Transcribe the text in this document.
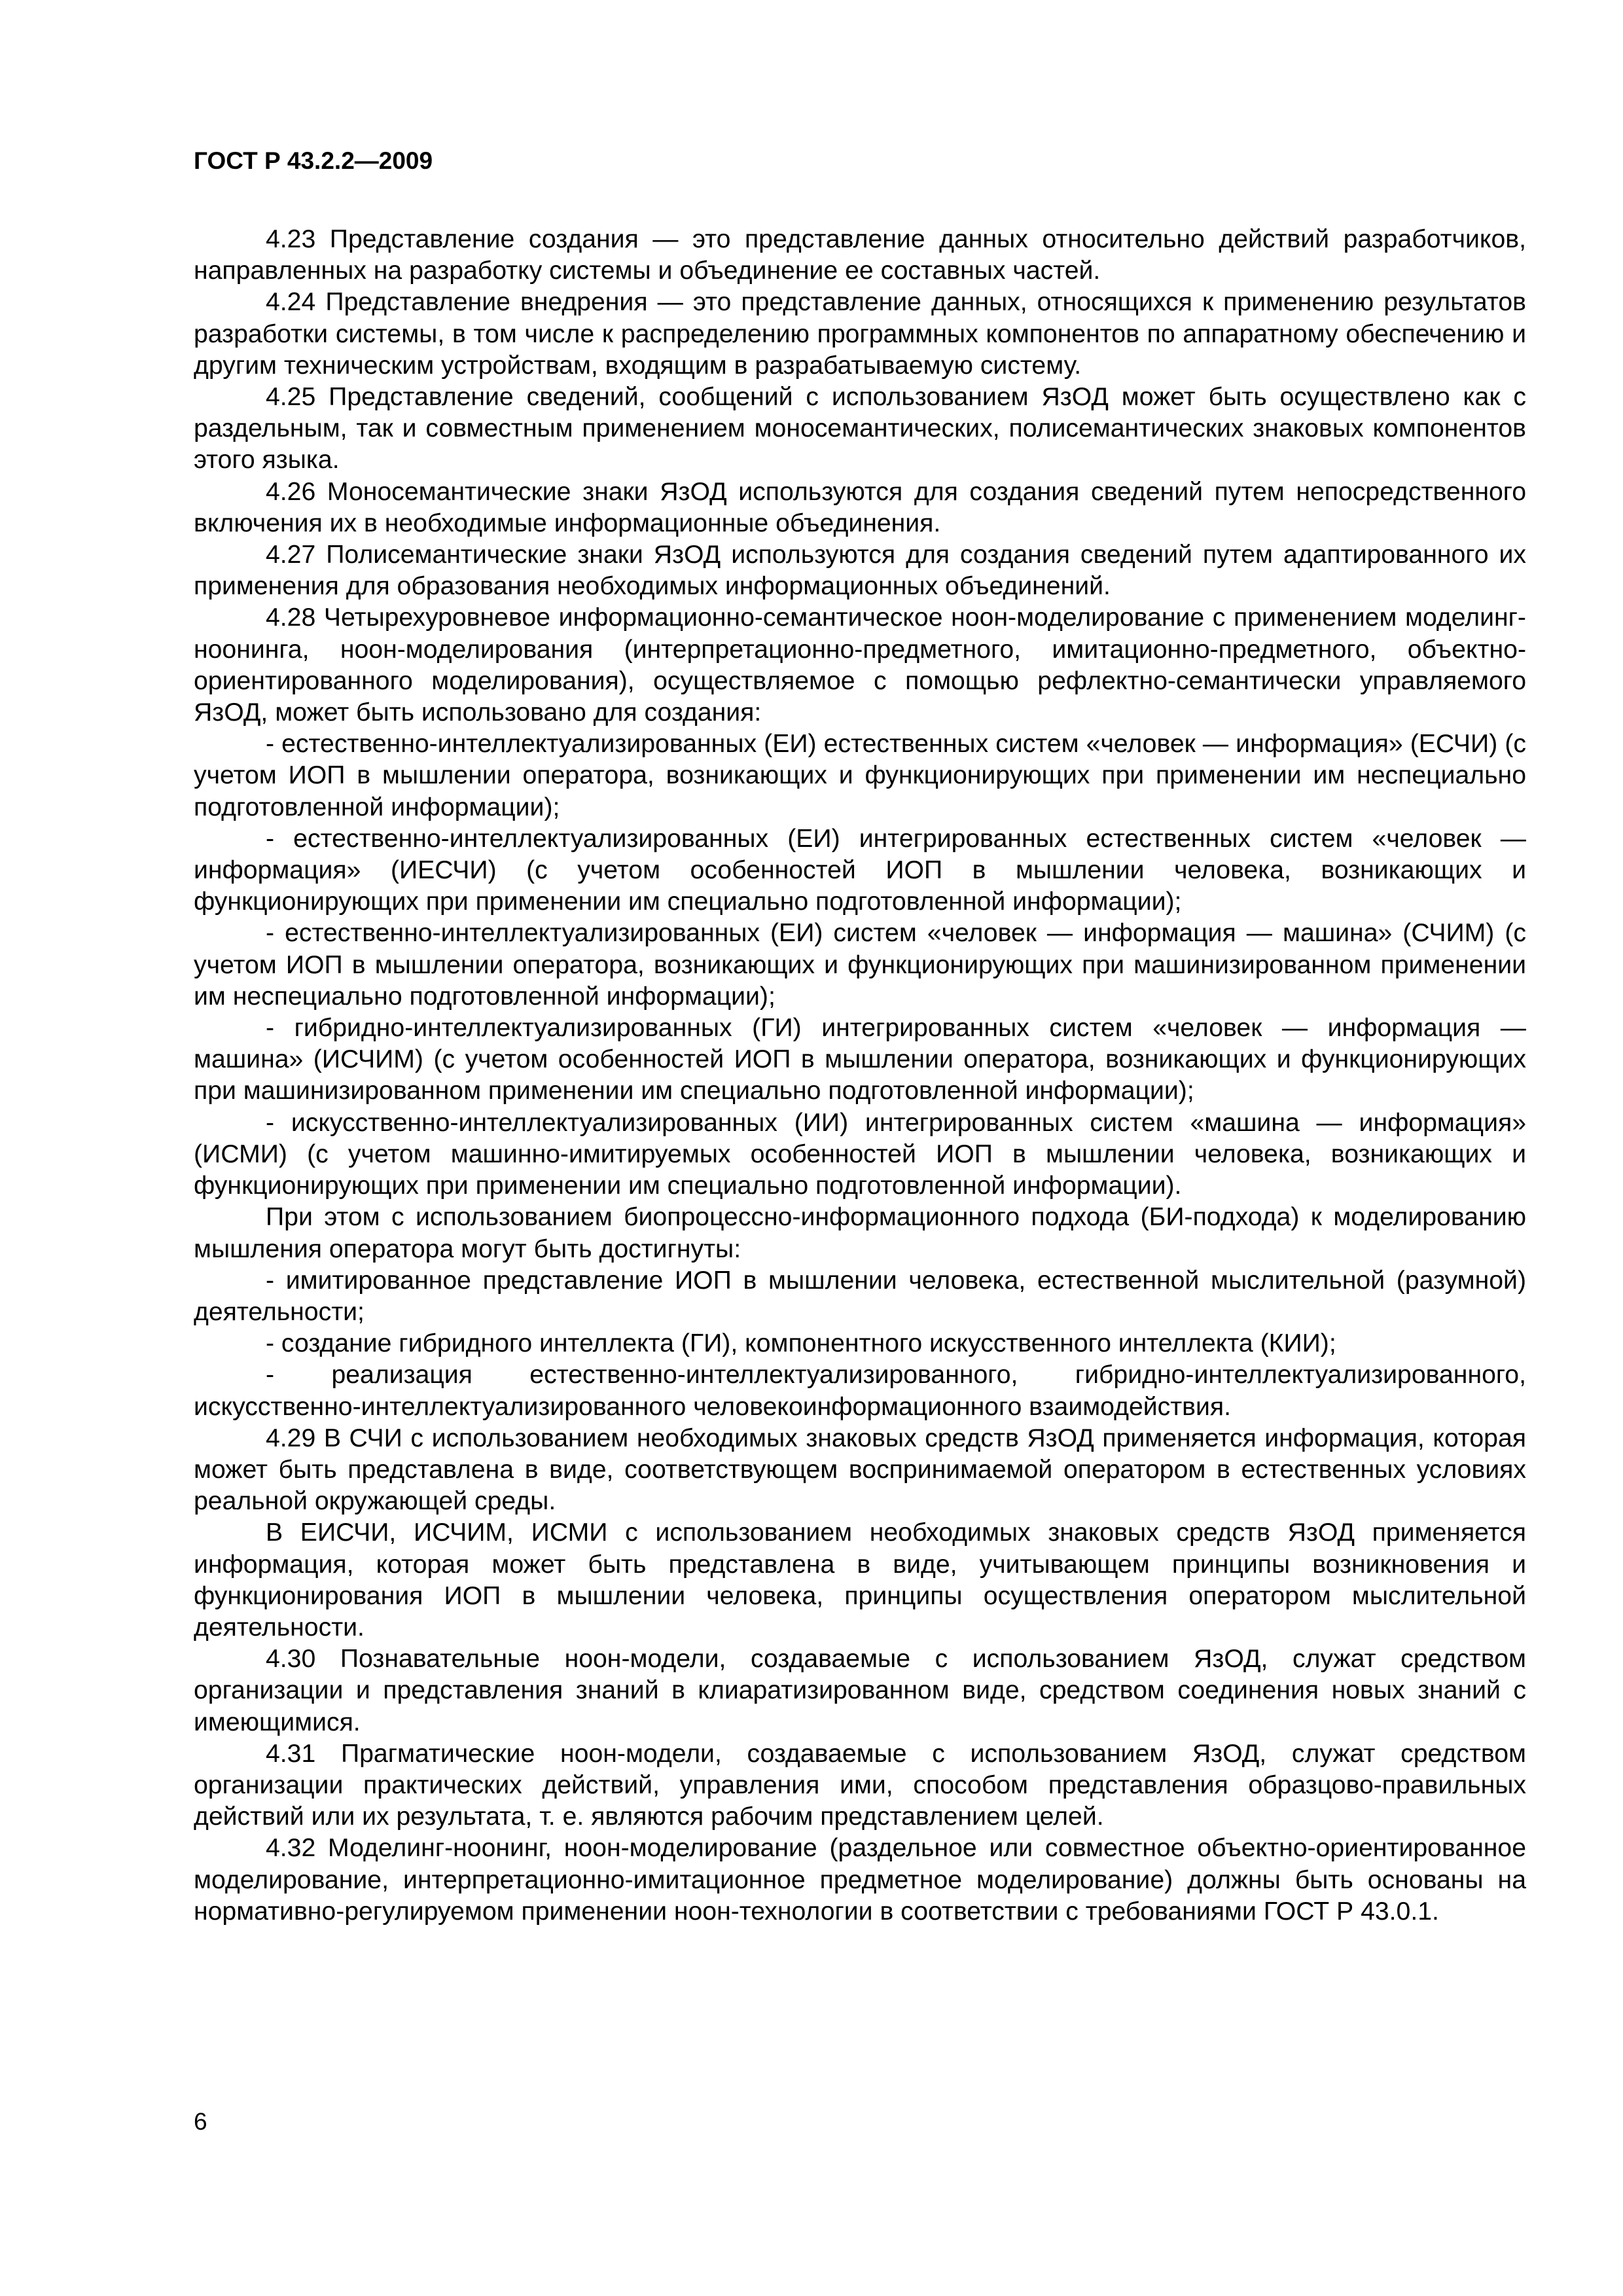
ГОСТ Р 43.2.2—2009

4.23 Представление создания — это представление данных относительно действий разработчиков, направленных на разработку системы и объединение ее составных частей.

4.24 Представление внедрения — это представление данных, относящихся к применению результатов разработки системы, в том числе к распределению программных компонентов по аппаратному обеспечению и другим техническим устройствам, входящим в разрабатываемую систему.

4.25 Представление сведений, сообщений с использованием ЯзОД может быть осуществлено как с раздельным, так и совместным применением моносемантических, полисемантических знаковых компонентов этого языка.

4.26 Моносемантические знаки ЯзОД используются для создания сведений путем непосредственного включения их в необходимые информационные объединения.

4.27 Полисемантические знаки ЯзОД используются для создания сведений путем адаптированного их применения для образования необходимых информационных объединений.

4.28 Четырехуровневое информационно-семантическое ноон-моделирование с применением моделинг-ноонинга, ноон-моделирования (интерпретационно-предметного, имитационно-предметного, объектно-ориентированного моделирования), осуществляемое с помощью рефлектно-семантически управляемого ЯзОД, может быть использовано для создания:

- естественно-интеллектуализированных (ЕИ) естественных систем «человек — информация» (ЕСЧИ) (с учетом ИОП в мышлении оператора, возникающих и функционирующих при применении им неспециально подготовленной информации);

- естественно-интеллектуализированных (ЕИ) интегрированных естественных систем «человек — информация» (ИЕСЧИ) (с учетом особенностей ИОП в мышлении человека, возникающих и функционирующих при применении им специально подготовленной информации);

- естественно-интеллектуализированных (ЕИ) систем «человек — информация — машина» (СЧИМ) (с учетом ИОП в мышлении оператора, возникающих и функционирующих при машинизированном применении им неспециально подготовленной информации);

- гибридно-интеллектуализированных (ГИ) интегрированных систем «человек — информация — машина» (ИСЧИМ) (с учетом особенностей ИОП в мышлении оператора, возникающих и функционирующих при машинизированном применении им специально подготовленной информации);

- искусственно-интеллектуализированных (ИИ) интегрированных систем «машина — информация» (ИСМИ) (с учетом машинно-имитируемых особенностей ИОП в мышлении человека, возникающих и функционирующих при применении им специально подготовленной информации).

При этом с использованием биопроцессно-информационного подхода (БИ-подхода) к моделированию мышления оператора могут быть достигнуты:

- имитированное представление ИОП в мышлении человека, естественной мыслительной (разумной) деятельности;

- создание гибридного интеллекта (ГИ), компонентного искусственного интеллекта (КИИ);

- реализация естественно-интеллектуализированного, гибридно-интеллектуализированного, искусственно-интеллектуализированного человекоинформационного взаимодействия.

4.29 В СЧИ с использованием необходимых знаковых средств ЯзОД применяется информация, которая может быть представлена в виде, соответствующем воспринимаемой оператором в естественных условиях реальной окружающей среды.

В ЕИСЧИ, ИСЧИМ, ИСМИ с использованием необходимых знаковых средств ЯзОД применяется информация, которая может быть представлена в виде, учитывающем принципы возникновения и функционирования ИОП в мышлении человека, принципы осуществления оператором мыслительной деятельности.

4.30 Познавательные ноон-модели, создаваемые с использованием ЯзОД, служат средством организации и представления знаний в клиаратизированном виде, средством соединения новых знаний с имеющимися.

4.31 Прагматические ноон-модели, создаваемые с использованием ЯзОД, служат средством организации практических действий, управления ими, способом представления образцово-правильных действий или их результата, т. е. являются рабочим представлением целей.

4.32 Моделинг-ноонинг, ноон-моделирование (раздельное или совместное объектно-ориентированное моделирование, интерпретационно-имитационное предметное моделирование) должны быть основаны на нормативно-регулируемом применении ноон-технологии в соответствии с требованиями ГОСТ Р 43.0.1.

6
